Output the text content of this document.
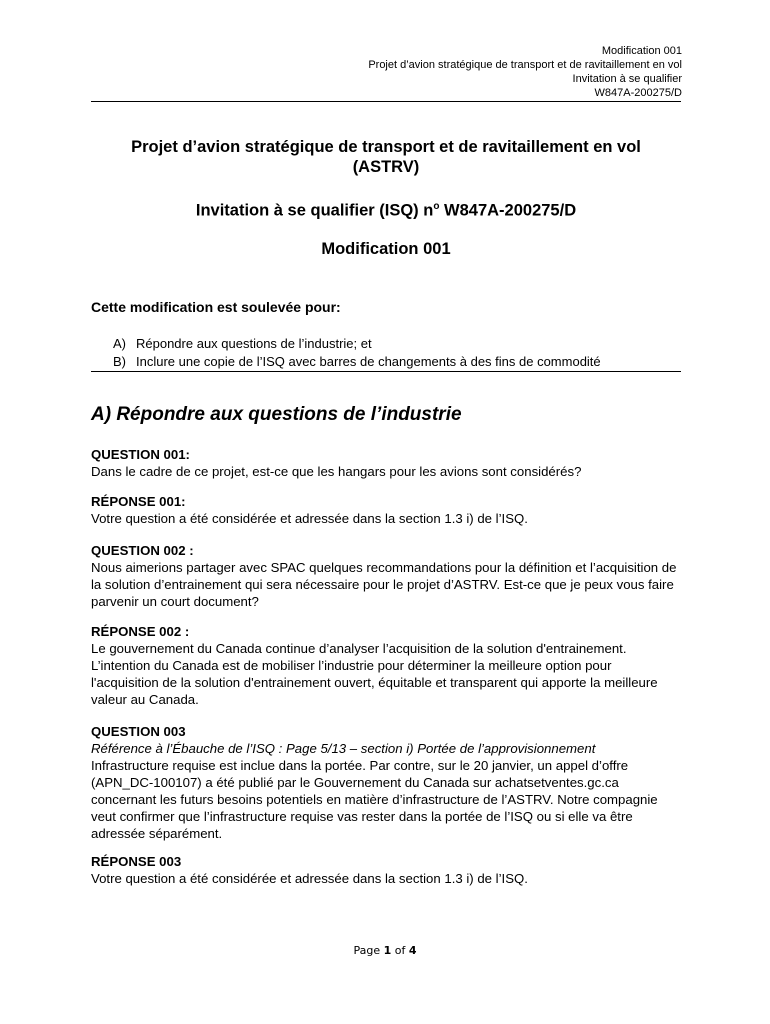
Modification 001
Projet d’avion stratégique de transport et de ravitaillement en vol
Invitation à se qualifier
W847A-200275/D
Projet d’avion stratégique de transport et de ravitaillement en vol
(ASTRV)
Invitation à se qualifier (ISQ) $n^o$ W847A-200275/D
Modification 001
Cette modification est soulevée pour:
A) Répondre aux questions de l’industrie; et
B) Inclure une copie de l’ISQ avec barres de changements à des fins de commodité
A) Répondre aux questions de l’industrie

QUESTION 001:

Dans le cadre de ce projet, est-ce que les hangars pour les avions sont considérés?

RÉPONSE 001:

Votre question a été considérée et adressée dans la section 1.3 i) de l’ISQ.

QUESTION 002 :

Nous aimerions partager avec SPAC quelques recommandations pour la définition et l’acquisition de la solution d’entrainement qui sera nécessaire pour le projet d’ASTRV. Est-ce que je peux vous faire parvenir un court document?

RÉPONSE 002 :

Le gouvernement du Canada continue d’analyser l’acquisition de la solution d'entrainement. L’intention du Canada est de mobiliser l’industrie pour déterminer la meilleure option pour l'acquisition de la solution d'entrainement ouvert, équitable et transparent qui apporte la meilleure valeur au Canada.

QUESTION 003

Référence à l’Ébauche de l’ISQ : Page 5/13 – section i) Portée de l’approvisionnement

Infrastructure requise est inclue dans la portée. Par contre, sur le 20 janvier, un appel d’offre (APN_DC-100107) a été publié par le Gouvernement du Canada sur achatsetventes.gc.ca concernant les futurs besoins potentiels en matière d’infrastructure de l’ASTRV. Notre compagnie veut confirmer que l’infrastructure requise vas rester dans la portée de l’ISQ ou si elle va être adressée séparément.

RÉPONSE 003

Votre question a été considérée et adressée dans la section 1.3 i) de l’ISQ.

Page 1 of 4
